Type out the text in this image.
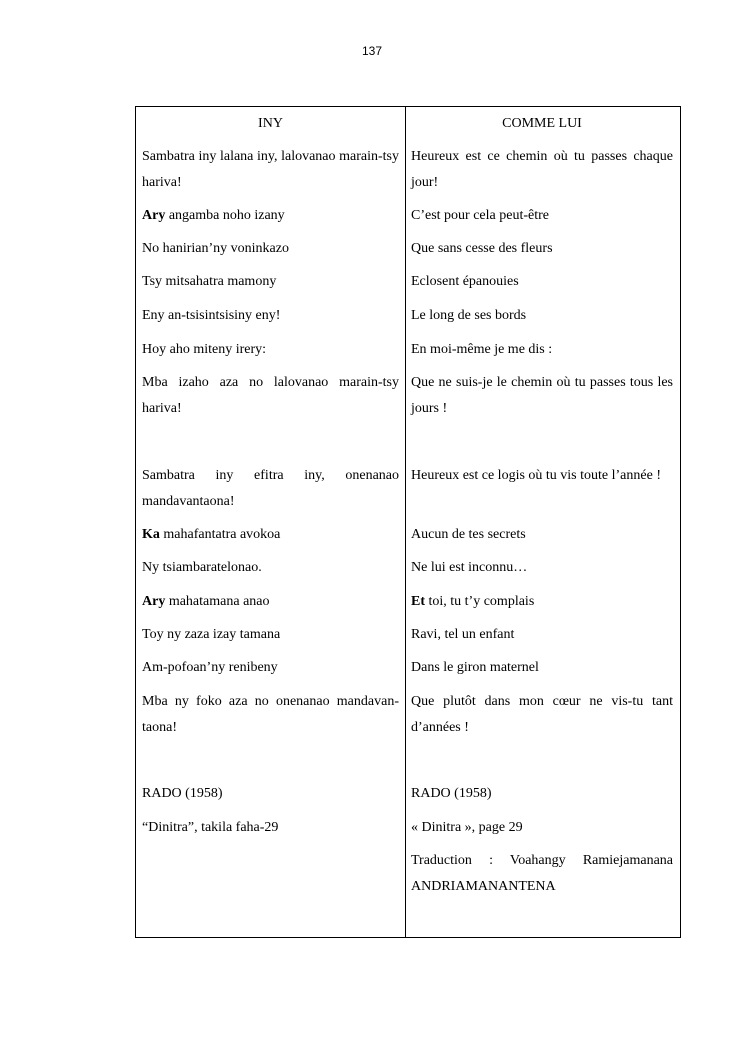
137
INY
Sambatra iny lalana iny, lalovanao marain-tsy hariva!
Ary angamba noho izany
No hanirian’ny voninkazo
Tsy mitsahatra mamony
Eny an-tsisintsisiny eny!
Hoy aho miteny irery:
Mba izaho aza no lalovanao marain-tsy hariva!
Sambatra iny efitra iny, onenanao mandavantaona!
Ka mahafantatra avokoa
Ny tsiambaratelonao.
Ary mahatamana anao
Toy ny zaza izay tamana
Am-pofoan’ny renibeny
Mba ny foko aza no onenanao mandavan-taona!
RADO (1958)
“Dinitra”, takila faha-29
COMME LUI
Heureux est ce chemin où tu passes chaque jour!
C’est pour cela peut-être
Que sans cesse des fleurs
Eclosent épanouies
Le long de ses bords
En moi-même je me dis :
Que ne suis-je le chemin où tu passes tous les jours !
Heureux est ce logis où tu vis toute l’année !
Aucun de tes secrets
Ne lui est inconnu…
Et toi, tu t’y complais
Ravi, tel un enfant
Dans le giron maternel
Que plutôt dans mon cœur ne vis-tu tant d’années !
RADO (1958)
« Dinitra », page 29
Traduction : Voahangy Ramiejamanana ANDRIAMANANTENA
